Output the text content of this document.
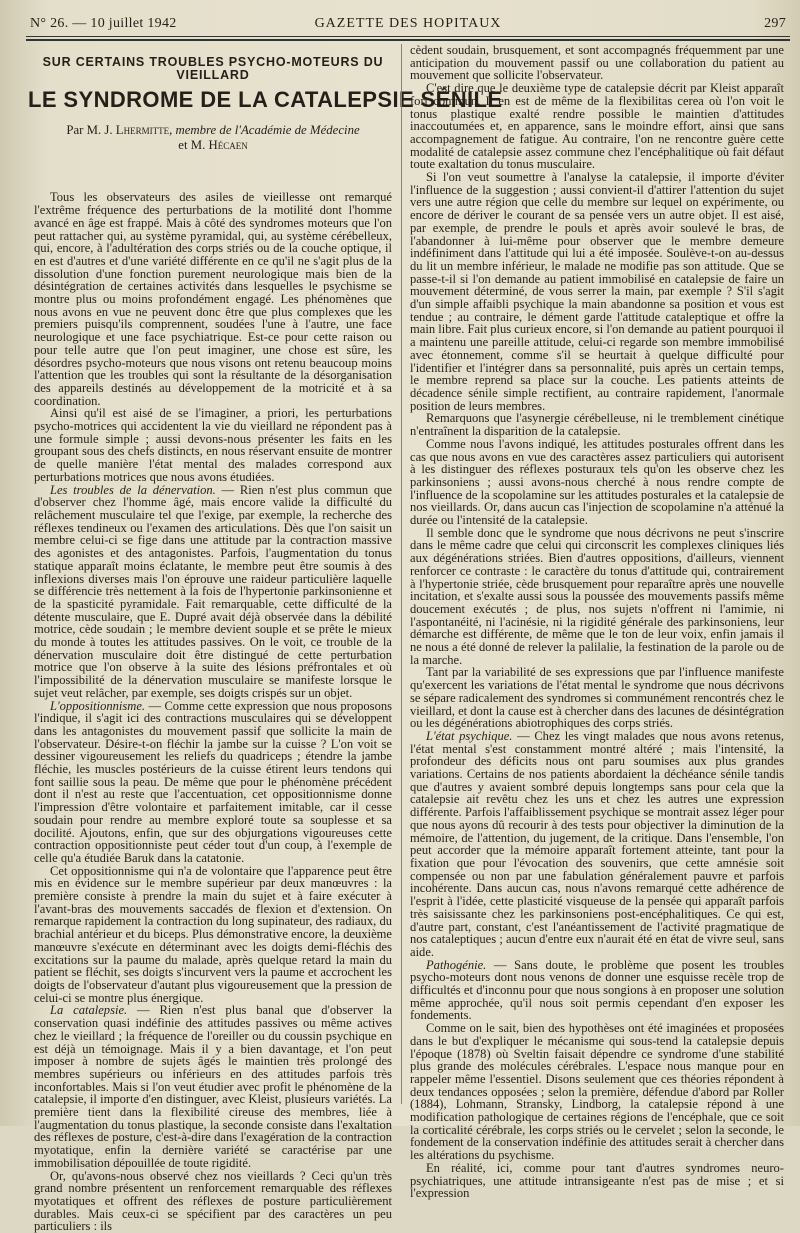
N° 26. — 10 juillet 1942	GAZETTE DES HOPITAUX	297
SUR CERTAINS TROUBLES PSYCHO-MOTEURS DU VIEILLARD
LE SYNDROME DE LA CATALEPSIE SÉNILE
Par M. J. Lhermitte, membre de l'Académie de Médecine
et M. Hécaen

Tous les observateurs des asiles de vieillesse ont remarqué l'extrême fréquence des perturbations de la motilité dont l'homme avancé en âge est frappé. Mais à côté des syndromes moteurs que l'on peut rattacher qui, au système pyramidal, qui, au système cérébelleux, qui, encore, à l'adultération des corps striés ou de la couche optique, il en est d'autres et d'une variété différente en ce qu'il ne s'agit plus de la dissolution d'une fonction purement neurologique mais bien de la désintégration de certaines activités dans lesquelles le psychisme se montre plus ou moins profondément engagé. Les phénomènes que nous avons en vue ne peuvent donc être que plus complexes que les premiers puisqu'ils comprennent, soudées l'une à l'autre, une face neurologique et une face psychiatrique. Est-ce pour cette raison ou pour telle autre que l'on peut imaginer, une chose est sûre, les désordres psycho-moteurs que nous visons ont retenu beaucoup moins l'attention que les troubles qui sont la résultante de la désorganisation des appareils destinés au développement de la motricité et à sa coordination.

Ainsi qu'il est aisé de se l'imaginer, a priori, les perturbations psycho-motrices qui accidentent la vie du vieillard ne répondent pas à une formule simple ; aussi devons-nous présenter les faits en les groupant sous des chefs distincts, en nous réservant ensuite de montrer de quelle manière l'état mental des malades correspond aux perturbations motrices que nous avons étudiées.

Les troubles de la dénervation. — Rien n'est plus commun que d'observer chez l'homme âgé, mais encore valide la difficulté du relâchement musculaire tel que l'exige, par exemple, la recherche des réflexes tendineux ou l'examen des articulations. Dès que l'on saisit un membre celui-ci se fige dans une attitude par la contraction massive des agonistes et des antagonistes. Parfois, l'augmentation du tonus statique apparaît moins éclatante, le membre peut être soumis à des inflexions diverses mais l'on éprouve une raideur particulière laquelle se différencie très nettement à la fois de l'hypertonie parkinsonienne et de la spasticité pyramidale. Fait remarquable, cette difficulté de la détente musculaire, que E. Dupré avait déjà observée dans la débilité motrice, cède soudain ; le membre devient souple et se prête le mieux du monde à toutes les attitudes passives. On le voit, ce trouble de la dénervation musculaire doit être distingué de cette perturbation motrice que l'on observe à la suite des lésions préfrontales et où l'impossibilité de la dénervation musculaire se manifeste lorsque le sujet veut relâcher, par exemple, ses doigts crispés sur un objet.

L'oppositionnisme. — Comme cette expression que nous proposons l'indique, il s'agit ici des contractions musculaires qui se développent dans les antagonistes du mouvement passif que sollicite la main de l'observateur. Désire-t-on fléchir la jambe sur la cuisse ? L'on voit se dessiner vigoureusement les reliefs du quadriceps ; étendre la jambe fléchie, les muscles postérieurs de la cuisse étirent leurs tendons qui font saillie sous la peau. De même que pour le phénomène précédent dont il n'est au reste que l'accentuation, cet oppositionnisme donne l'impression d'être volontaire et parfaitement imitable, car il cesse soudain pour rendre au membre exploré toute sa souplesse et sa docilité. Ajoutons, enfin, que sur des objurgations vigoureuses cette contraction oppositionniste peut céder tout d'un coup, à l'exemple de celle qu'a étudiée Baruk dans la catatonie.

Cet oppositionnisme qui n'a de volontaire que l'apparence peut être mis en évidence sur le membre supérieur par deux manœuvres : la première consiste à prendre la main du sujet et à faire exécuter à l'avant-bras des mouvements saccadés de flexion et d'extension. On remarque rapidement la contraction du long supinateur, des radiaux, du brachial antérieur et du biceps. Plus démonstrative encore, la deuxième manœuvre s'exécute en déterminant avec les doigts demi-fléchis des excitations sur la paume du malade, après quelque retard la main du patient se fléchit, ses doigts s'incurvent vers la paume et accrochent les doigts de l'observateur d'autant plus vigoureusement que la pression de celui-ci se montre plus énergique.

La catalepsie. — Rien n'est plus banal que d'observer la conservation quasi indéfinie des attitudes passives ou même actives chez le vieillard ; la fréquence de l'oreiller ou du coussin psychique en est déjà un témoignage. Mais il y a bien davantage, et l'on peut imposer à nombre de sujets âgés le maintien très prolongé des membres supérieurs ou inférieurs en des attitudes parfois très inconfortables. Mais si l'on veut étudier avec profit le phénomène de la catalepsie, il importe d'en distinguer, avec Kleist, plusieurs variétés. La première tient dans la flexibilité cireuse des membres, liée à l'augmentation du tonus plastique, la seconde consiste dans l'exaltation des réflexes de posture, c'est-à-dire dans l'exagération de la contraction myotatique, enfin la dernière variété se caractérise par une immobilisation dépouillée de toute rigidité.

Or, qu'avons-nous observé chez nos vieillards ? Ceci qu'un très grand nombre présentent un renforcement remarquable des réflexes myotatiques et offrent des réflexes de posture particulièrement durables. Mais ceux-ci se spécifient par des caractères un peu particuliers : ils

cèdent soudain, brusquement, et sont accompagnés fréquemment par une anticipation du mouvement passif ou une collaboration du patient au mouvement que sollicite l'observateur.

C'est dire que le deuxième type de catalepsie décrit par Kleist apparaît fort commun. Il en est de même de la flexibilitas cerea où l'on voit le tonus plastique exalté rendre possible le maintien d'attitudes inaccoutumées et, en apparence, sans le moindre effort, ainsi que sans accompagnement de fatigue. Au contraire, l'on ne rencontre guère cette modalité de catalepsie assez commune chez l'encéphalitique où fait défaut toute exaltation du tonus musculaire.

Si l'on veut soumettre à l'analyse la catalepsie, il importe d'éviter l'influence de la suggestion ; aussi convient-il d'attirer l'attention du sujet vers une autre région que celle du membre sur lequel on expérimente, ou encore de dériver le courant de sa pensée vers un autre objet. Il est aisé, par exemple, de prendre le pouls et après avoir soulevé le bras, de l'abandonner à lui-même pour observer que le membre demeure indéfiniment dans l'attitude qui lui a été imposée. Soulève-t-on au-dessus du lit un membre inférieur, le malade ne modifie pas son attitude. Que se passe-t-il si l'on demande au patient immobilisé en catalepsie de faire un mouvement déterminé, de vous serrer la main, par exemple ? S'il s'agit d'un simple affaibli psychique la main abandonne sa position et vous est tendue ; au contraire, le dément garde l'attitude cataleptique et offre la main libre. Fait plus curieux encore, si l'on demande au patient pourquoi il a maintenu une pareille attitude, celui-ci regarde son membre immobilisé avec étonnement, comme s'il se heurtait à quelque difficulté pour l'identifier et l'intégrer dans sa personnalité, puis après un certain temps, le membre reprend sa place sur la couche. Les patients atteints de décadence sénile simple rectifient, au contraire rapidement, l'anormale position de leurs membres.

Remarquons que l'asynergie cérébelleuse, ni le tremblement cinétique n'entraînent la disparition de la catalepsie.

Comme nous l'avons indiqué, les attitudes posturales offrent dans les cas que nous avons en vue des caractères assez particuliers qui autorisent à les distinguer des réflexes posturaux tels qu'on les observe chez les parkinsoniens ; aussi avons-nous cherché à nous rendre compte de l'influence de la scopolamine sur les attitudes posturales et la catalepsie de nos vieillards. Or, dans aucun cas l'injection de scopolamine n'a atténué la durée ou l'intensité de la catalepsie.

Il semble donc que le syndrome que nous décrivons ne peut s'inscrire dans le même cadre que celui qui circonscrit les complexes cliniques liés aux dégénérations striées. Bien d'autres oppositions, d'ailleurs, viennent renforcer ce contraste : le caractère du tonus d'attitude qui, contrairement à l'hypertonie striée, cède brusquement pour reparaître après une nouvelle incitation, et s'exalte aussi sous la poussée des mouvements passifs même doucement exécutés ; de plus, nos sujets n'offrent ni l'amimie, ni l'aspontanéité, ni l'acinésie, ni la rigidité générale des parkinsoniens, leur démarche est différente, de même que le ton de leur voix, enfin jamais il ne nous a été donné de relever la palilalie, la festination de la parole ou de la marche.

Tant par la variabilité de ses expressions que par l'influence manifeste qu'exercent les variations de l'état mental le syndrome que nous décrivons se sépare radicalement des syndromes si communément rencontrés chez le vieillard, et dont la cause est à chercher dans des lacunes de désintégration ou les dégénérations abiotrophiques des corps striés.

L'état psychique. — Chez les vingt malades que nous avons retenus, l'état mental s'est constamment montré altéré ; mais l'intensité, la profondeur des déficits nous ont paru soumises aux plus grandes variations. Certains de nos patients abordaient la déchéance sénile tandis que d'autres y avaient sombré depuis longtemps sans pour cela que la catalepsie ait revêtu chez les uns et chez les autres une expression différente. Parfois l'affaiblissement psychique se montrait assez léger pour que nous ayons dû recourir à des tests pour objectiver la diminution de la mémoire, de l'attention, du jugement, de la critique. Dans l'ensemble, l'on peut accorder que la mémoire apparaît fortement atteinte, tant pour la fixation que pour l'évocation des souvenirs, que cette amnésie soit compensée ou non par une fabulation généralement pauvre et parfois incohérente. Dans aucun cas, nous n'avons remarqué cette adhérence de l'esprit à l'idée, cette plasticité visqueuse de la pensée qui apparaît parfois très saisissante chez les parkinsoniens post-encéphalitiques. Ce qui est, d'autre part, constant, c'est l'anéantissement de l'activité pragmatique de nos cataleptiques ; aucun d'entre eux n'aurait été en état de vivre seul, sans aide.

Pathogénie. — Sans doute, le problème que posent les troubles psycho-moteurs dont nous venons de donner une esquisse recèle trop de difficultés et d'inconnu pour que nous songions à en proposer une solution même approchée, qu'il nous soit permis cependant d'en exposer les fondements.

Comme on le sait, bien des hypothèses ont été imaginées et proposées dans le but d'expliquer le mécanisme qui sous-tend la catalepsie depuis l'époque (1878) où Sveltin faisait dépendre ce syndrome d'une stabilité plus grande des molécules cérébrales. L'espace nous manque pour en rappeler même l'essentiel. Disons seulement que ces théories répondent à deux tendances opposées ; selon la première, défendue d'abord par Roller (1884), Lohmann, Stransky, Lindborg, la catalepsie répond à une modification pathologique de certaines régions de l'encéphale, que ce soit la corticalité cérébrale, les corps striés ou le cervelet ; selon la seconde, le fondement de la conservation indéfinie des attitudes serait à chercher dans les altérations du psychisme.

En réalité, ici, comme pour tant d'autres syndromes neuro-psychiatriques, une attitude intransigeante n'est pas de mise ; et si l'expression
